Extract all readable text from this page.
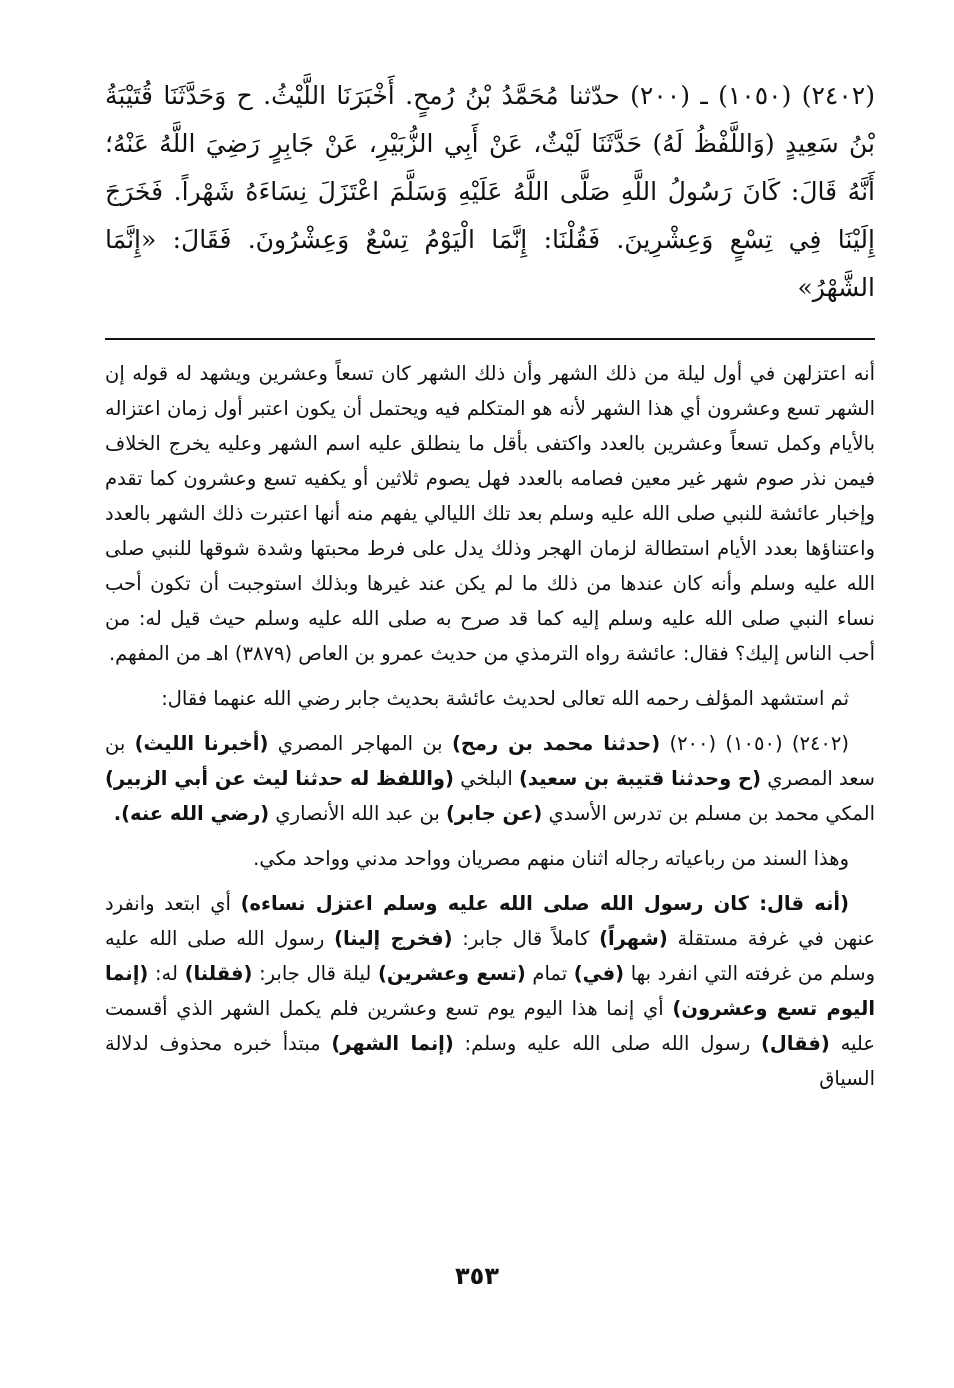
(٢٤٠٢) (١٠٥٠) ـ (٢٠٠) حدّثنا مُحَمَّدُ بْنُ رُمحٍ. أَخْبَرَنَا اللَّيْثُ. ح وَحَدَّثَنَا قُتَيْبَةُ بْنُ سَعِيدٍ (وَاللَّفْظُ لَهُ) حَدَّثَنَا لَيْثٌ، عَنْ أَبِي الزُّبَيْرِ، عَنْ جَابِرٍ رَضِيَ اللَّهُ عَنْهُ؛ أَنَّهُ قَالَ: كَانَ رَسُولُ اللَّهِ صَلَّى اللَّهُ عَلَيْهِ وَسَلَّمَ اعْتَزَلَ نِسَاءَهُ شَهْراً. فَخَرَجَ إِلَيْنَا فِي تِسْعٍ وَعِشْرِينَ. فَقُلْنَا: إِنَّمَا الْيَوْمُ تِسْعٌ وَعِشْرُونَ. فَقَالَ: «إِنَّمَا الشَّهْرُ»

أنه اعتزلهن في أول ليلة من ذلك الشهر وأن ذلك الشهر كان تسعاً وعشرين ويشهد له قوله إن الشهر تسع وعشرون أي هذا الشهر لأنه هو المتكلم فيه ويحتمل أن يكون اعتبر أول زمان اعتزاله بالأيام وكمل تسعاً وعشرين بالعدد واكتفى بأقل ما ينطلق عليه اسم الشهر وعليه يخرج الخلاف فيمن نذر صوم شهر غير معين فصامه بالعدد فهل يصوم ثلاثين أو يكفيه تسع وعشرون كما تقدم وإخبار عائشة للنبي صلى الله عليه وسلم بعد تلك الليالي يفهم منه أنها اعتبرت ذلك الشهر بالعدد واعتناؤها بعدد الأيام استطالة لزمان الهجر وذلك يدل على فرط محبتها وشدة شوقها للنبي صلى الله عليه وسلم وأنه كان عندها من ذلك ما لم يكن عند غيرها وبذلك استوجبت أن تكون أحب نساء النبي صلى الله عليه وسلم إليه كما قد صرح به صلى الله عليه وسلم حيث قيل له: من أحب الناس إليك؟ فقال: عائشة رواه الترمذي من حديث عمرو بن العاص (٣٨٧٩) اهـ من المفهم.

ثم استشهد المؤلف رحمه الله تعالى لحديث عائشة بحديث جابر رضي الله عنهما فقال:

(٢٤٠٢) (١٠٥٠) (٢٠٠) (حدثنا محمد بن رمح) بن المهاجر المصري (أخبرنا الليث) بن سعد المصري (ح وحدثنا قتيبة بن سعيد) البلخي (واللفظ له حدثنا ليث عن أبي الزبير) المكي محمد بن مسلم بن تدرس الأسدي (عن جابر) بن عبد الله الأنصاري (رضي الله عنه).

وهذا السند من رباعياته رجاله اثنان منهم مصريان وواحد مدني وواحد مكي.

(أنه قال: كان رسول الله صلى الله عليه وسلم اعتزل نساءه) أي ابتعد وانفرد عنهن في غرفة مستقلة (شهراً) كاملاً قال جابر: (فخرج إلينا) رسول الله صلى الله عليه وسلم من غرفته التي انفرد بها (في) تمام (تسع وعشرين) ليلة قال جابر: (فقلنا) له: (إنما اليوم تسع وعشرون) أي إنما هذا اليوم يوم تسع وعشرين فلم يكمل الشهر الذي أقسمت عليه (فقال) رسول الله صلى الله عليه وسلم: (إنما الشهر) مبتدأ خبره محذوف لدلالة السياق

٣٥٣
